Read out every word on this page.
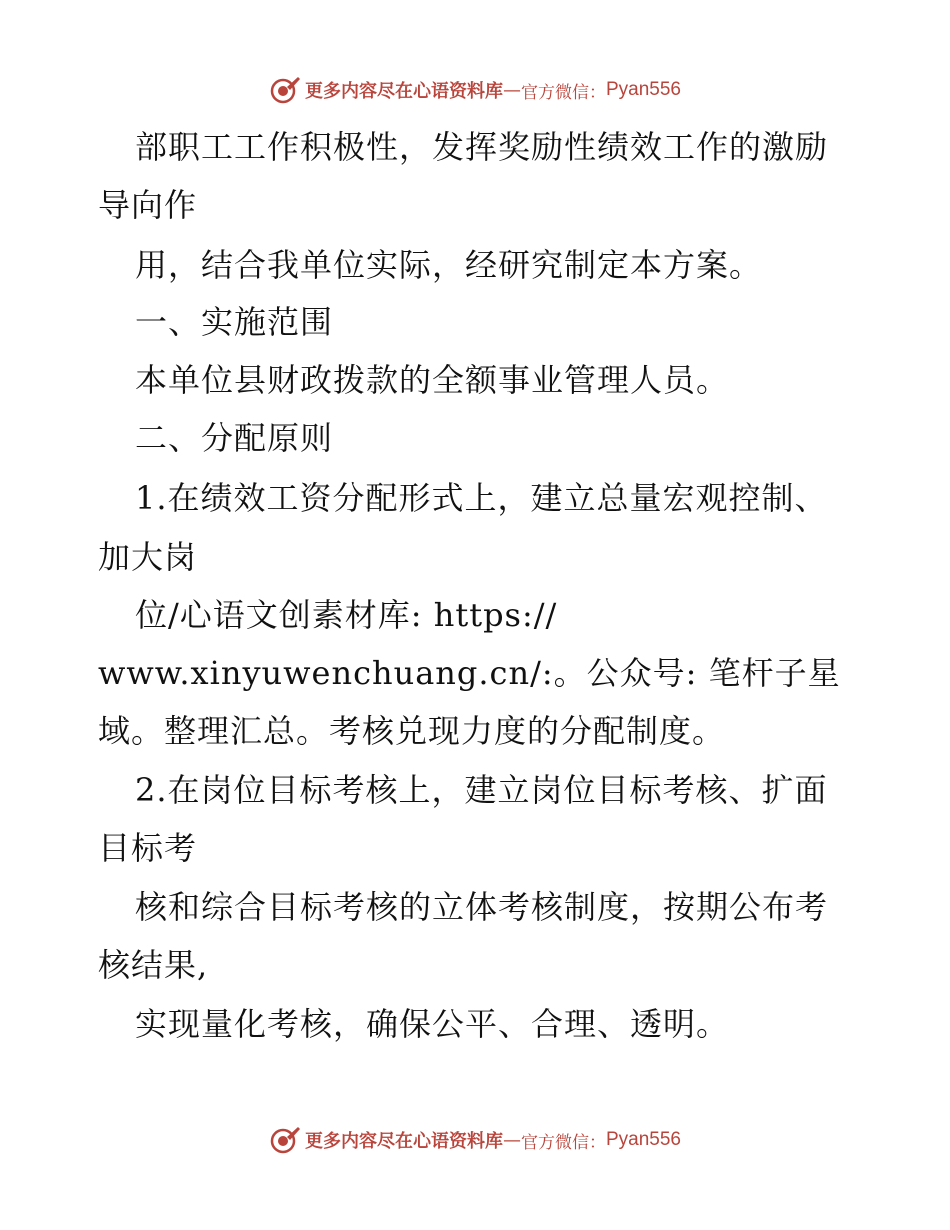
更多内容尽在心语资料库 — 官方微信： Pyan556
部职工工作积极性，发挥奖励性绩效工作的激励
导向作
用，结合我单位实际，经研究制定本方案。
一、实施范围
本单位县财政拨款的全额事业管理人员。
二、分配原则
1.在绩效工资分配形式上，建立总量宏观控制、
加大岗
位/心语文创素材库: https://
www.xinyuwenchuang.cn/:。公众号: 笔杆子星
域。整理汇总。考核兑现力度的分配制度。
2.在岗位目标考核上，建立岗位目标考核、扩面
目标考
核和综合目标考核的立体考核制度，按期公布考
核结果,
实现量化考核，确保公平、合理、透明。
更多内容尽在心语资料库 — 官方微信： Pyan556
